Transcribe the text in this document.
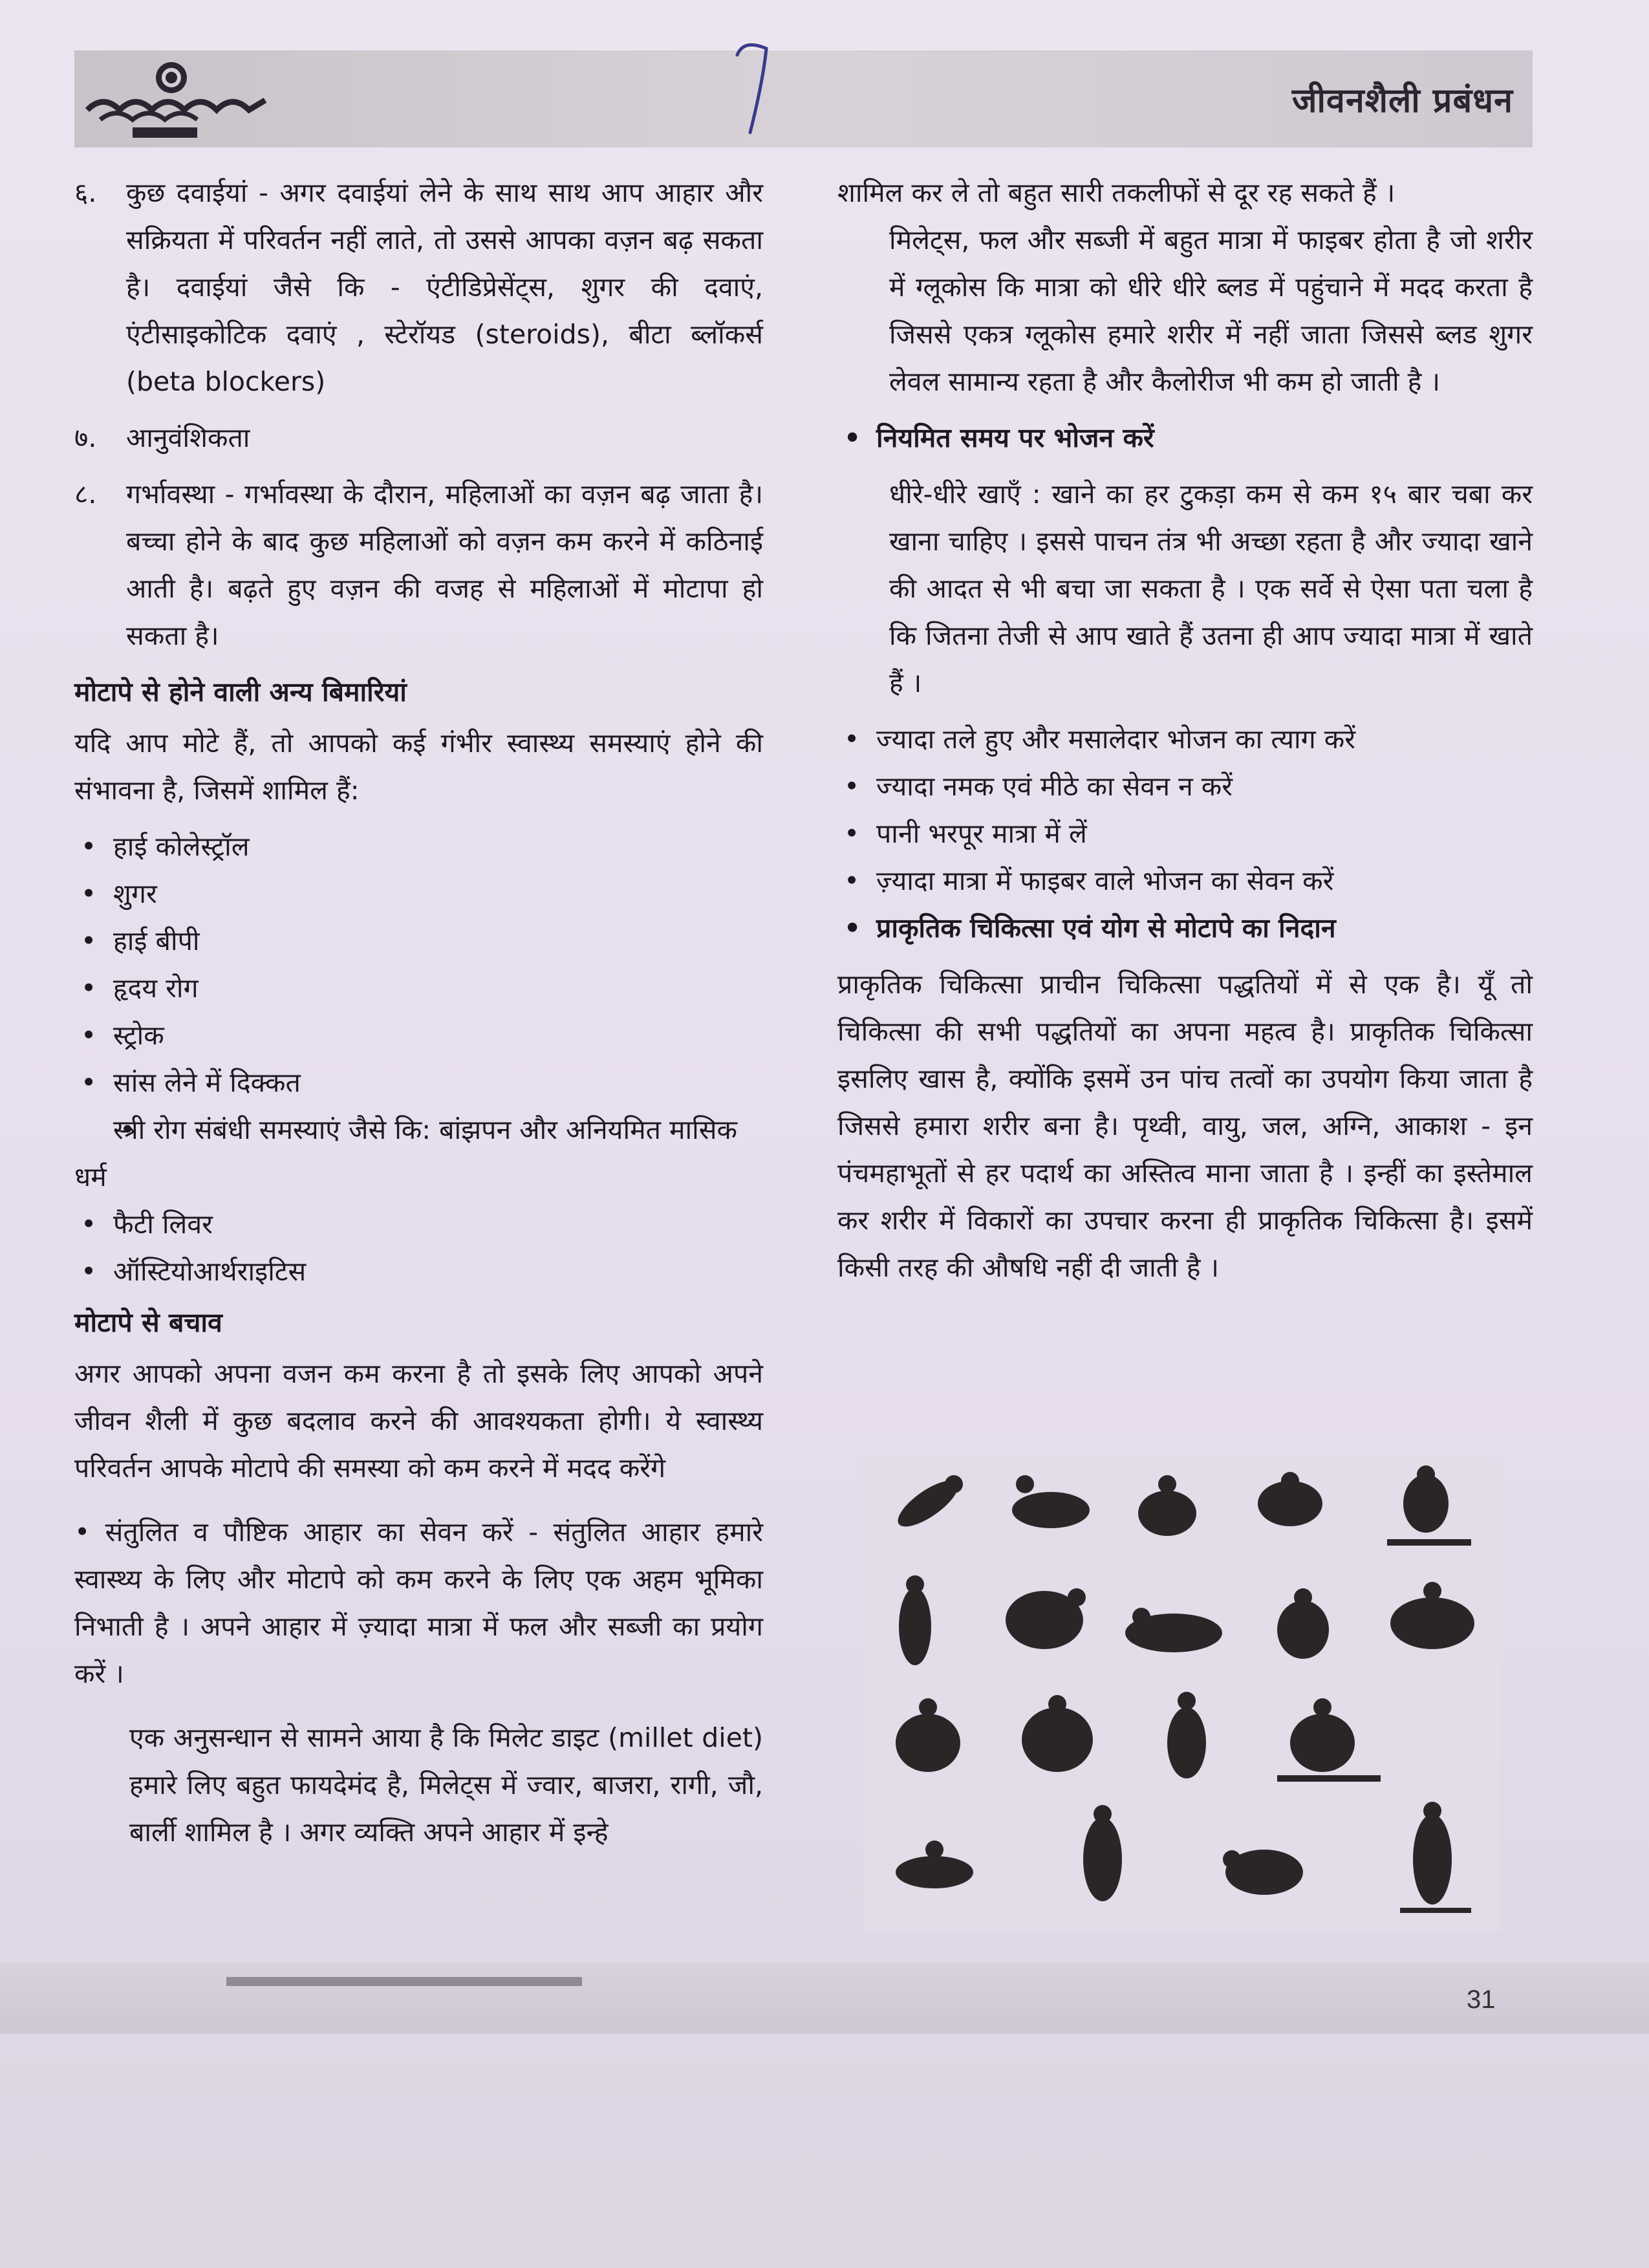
जीवनशैली प्रबंधन
६.	कुछ दवाईयां - अगर दवाईयां लेने के साथ साथ आप आहार और सक्रियता में परिवर्तन नहीं लाते, तो उससे आपका वज़न बढ़ सकता है। दवाईयां जैसे कि - एंटीडिप्रेसेंट्स, शुगर की दवाएं, एंटीसाइकोटिक दवाएं , स्टेरॉयड (steroids), बीटा ब्लॉकर्स (beta blockers)
७.	आनुवंशिकता
८.	गर्भावस्था - गर्भावस्था के दौरान, महिलाओं का वज़न बढ़ जाता है। बच्चा होने के बाद कुछ महिलाओं को वज़न कम करने में कठिनाई आती है। बढ़ते हुए वज़न की वजह से महिलाओं में मोटापा हो सकता है।
मोटापे से होने वाली अन्य बिमारियां

यदि आप मोटे हैं, तो आपको कई गंभीर स्वास्थ्य समस्याएं होने की संभावना है, जिसमें शामिल हैं:

• हाई कोलेस्ट्रॉल
• शुगर
• हाई बीपी
• हृदय रोग
• स्ट्रोक
• सांस लेने में दिक्कत
• स्त्री रोग संबंधी समस्याएं जैसे कि: बांझपन और अनियमित मासिक धर्म
• फैटी लिवर
• ऑस्टियोआर्थराइटिस
मोटापे से बचाव

अगर आपको अपना वजन कम करना है तो इसके लिए आपको अपने जीवन शैली में कुछ बदलाव करने की आवश्यकता होगी। ये स्वास्थ्य परिवर्तन आपके मोटापे की समस्या को कम करने में मदद करेंगे

• संतुलित व पौष्टिक आहार का सेवन करें - संतुलित आहार हमारे स्वास्थ्य के लिए और मोटापे को कम करने के लिए एक अहम भूमिका निभाती है । अपने आहार में ज़्यादा मात्रा में फल और सब्जी का प्रयोग करें ।

एक अनुसन्धान से सामने आया है कि मिलेट डाइट (millet diet) हमारे लिए बहुत फायदेमंद है, मिलेट्स में ज्वार, बाजरा, रागी, जौ, बार्ली शामिल है । अगर व्यक्ति अपने आहार में इन्हे

शामिल कर ले तो बहुत सारी तकलीफों से दूर रह सकते हैं ।

मिलेट्स, फल और सब्जी में बहुत मात्रा में फाइबर होता है जो शरीर में ग्लूकोस कि मात्रा को धीरे धीरे ब्लड में पहुंचाने में मदद करता है जिससे एकत्र ग्लूकोस हमारे शरीर में नहीं जाता जिससे ब्लड शुगर लेवल सामान्य रहता है और कैलोरीज भी कम हो जाती है ।

• नियमित समय पर भोजन करें

धीरे-धीरे खाएँ : खाने का हर टुकड़ा कम से कम १५ बार चबा कर खाना चाहिए । इससे पाचन तंत्र भी अच्छा रहता है और ज्यादा खाने की आदत से भी बचा जा सकता है । एक सर्वे से ऐसा पता चला है कि जितना तेजी से आप खाते हैं उतना ही आप ज्यादा मात्रा में खाते हैं ।

• ज्यादा तले हुए और मसालेदार भोजन का त्याग करें
• ज्यादा नमक एवं मीठे का सेवन न करें
• पानी भरपूर मात्रा में लें
• ज़्यादा मात्रा में फाइबर वाले भोजन का सेवन करें
• प्राकृतिक चिकित्सा एवं योग से मोटापे का निदान

प्राकृतिक चिकित्सा प्राचीन चिकित्सा पद्धतियों में से एक है। यूँ तो चिकित्सा की सभी पद्धतियों का अपना महत्व है। प्राकृतिक चिकित्सा इसलिए खास है, क्योंकि इसमें उन पांच तत्वों का उपयोग किया जाता है जिससे हमारा शरीर बना है। पृथ्वी, वायु, जल, अग्नि, आकाश - इन पंचमहाभूतों से हर पदार्थ का अस्तित्व माना जाता है । इन्हीं का इस्तेमाल कर शरीर में विकारों का उपचार करना ही प्राकृतिक चिकित्सा है। इसमें किसी तरह की औषधि नहीं दी जाती है ।

31
